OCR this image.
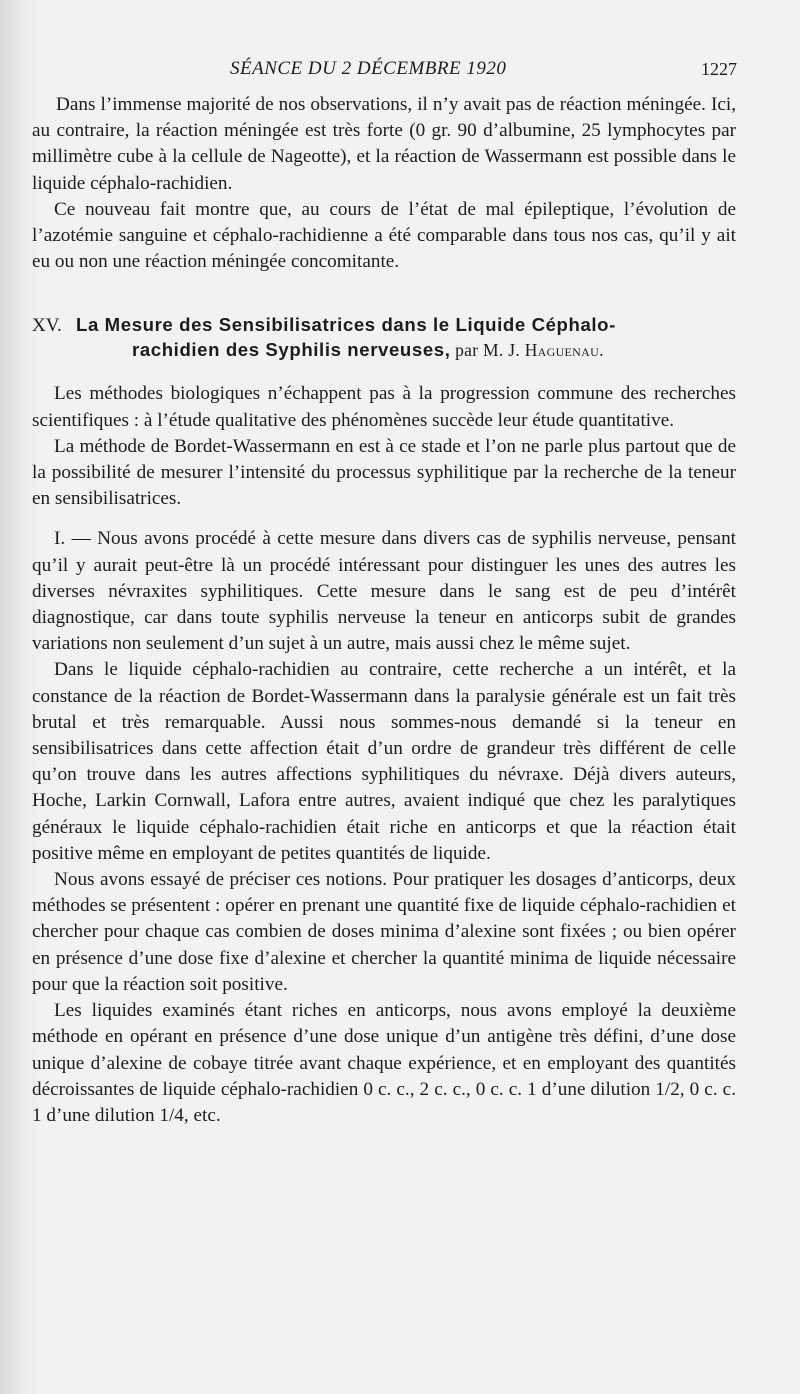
SÉANCE DU 2 DÉCEMBRE 1920	1227

Dans l’immense majorité de nos observations, il n’y avait pas de réaction méningée. Ici, au contraire, la réaction méningée est très forte (0 gr. 90 d’albumine, 25 lymphocytes par millimètre cube à la cellule de Nageotte), et la réaction de Wassermann est possible dans le liquide céphalo-rachidien.

Ce nouveau fait montre que, au cours de l’état de mal épileptique, l’évolution de l’azotémie sanguine et céphalo-rachidienne a été comparable dans tous nos cas, qu’il y ait eu ou non une réaction méningée concomitante.

XV. La Mesure des Sensibilisatrices dans le Liquide Céphalo-
rachidien des Syphilis nerveuses, par M. J. Haguenau.

Les méthodes biologiques n’échappent pas à la progression commune des recherches scientifiques : à l’étude qualitative des phénomènes succède leur étude quantitative.

La méthode de Bordet-Wassermann en est à ce stade et l’on ne parle plus partout que de la possibilité de mesurer l’intensité du processus syphilitique par la recherche de la teneur en sensibilisatrices.

I. — Nous avons procédé à cette mesure dans divers cas de syphilis nerveuse, pensant qu’il y aurait peut-être là un procédé intéressant pour distinguer les unes des autres les diverses névraxites syphilitiques. Cette mesure dans le sang est de peu d’intérêt diagnostique, car dans toute syphilis nerveuse la teneur en anticorps subit de grandes variations non seulement d’un sujet à un autre, mais aussi chez le même sujet.

Dans le liquide céphalo-rachidien au contraire, cette recherche a un intérêt, et la constance de la réaction de Bordet-Wassermann dans la paralysie générale est un fait très brutal et très remarquable. Aussi nous sommes-nous demandé si la teneur en sensibilisatrices dans cette affection était d’un ordre de grandeur très différent de celle qu’on trouve dans les autres affections syphilitiques du névraxe. Déjà divers auteurs, Hoche, Larkin Cornwall, Lafora entre autres, avaient indiqué que chez les paralytiques généraux le liquide céphalo-rachidien était riche en anticorps et que la réaction était positive même en employant de petites quantités de liquide.

Nous avons essayé de préciser ces notions. Pour pratiquer les dosages d’anticorps, deux méthodes se présentent : opérer en prenant une quantité fixe de liquide céphalo-rachidien et chercher pour chaque cas combien de doses minima d’alexine sont fixées ; ou bien opérer en présence d’une dose fixe d’alexine et chercher la quantité minima de liquide nécessaire pour que la réaction soit positive.

Les liquides examinés étant riches en anticorps, nous avons employé la deuxième méthode en opérant en présence d’une dose unique d’un antigène très défini, d’une dose unique d’alexine de cobaye titrée avant chaque expérience, et en employant des quantités décroissantes de liquide céphalo-rachidien 0 c. c., 2 c. c., 0 c. c. 1 d’une dilution 1/2, 0 c. c. 1 d’une dilution 1/4, etc.
